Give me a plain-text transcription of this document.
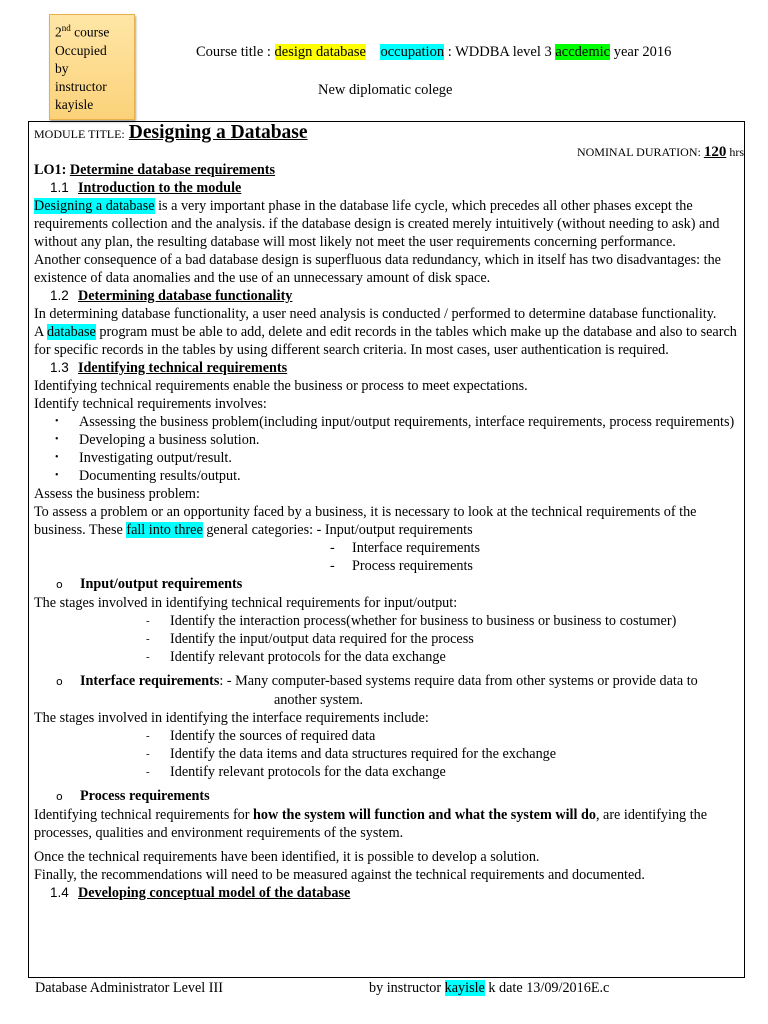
2nd course
Occupied
by
instructor
kayisle
Course title : design database occupation : WDDBA level 3 accdemic year 2016
New diplomatic colege

MODULE TITLE: Designing a Database

NOMINAL DURATION: 120 hrs

LO1: Determine database requirements

1.1 Introduction to the module

Designing a database is a very important phase in the database life cycle, which precedes all other phases except the requirements collection and the analysis. if the database design is created merely intuitively (without needing to ask) and without any plan, the resulting database will most likely not meet the user requirements concerning performance.

Another consequence of a bad database design is superfluous data redundancy, which in itself has two disadvantages: the existence of data anomalies and the use of an unnecessary amount of disk space.

1.2 Determining database functionality

In determining database functionality, a user need analysis is conducted / performed to determine database functionality.

A database program must be able to add, delete and edit records in the tables which make up the database and also to search for specific records in the tables by using different search criteria. In most cases, user authentication is required.

1.3 Identifying technical requirements

Identifying technical requirements enable the business or process to meet expectations.

Identify technical requirements involves:

• Assessing the business problem(including input/output requirements, interface requirements, process requirements)
• Developing a business solution.
• Investigating output/result.
• Documenting results/output.

Assess the business problem:

To assess a problem or an opportunity faced by a business, it is necessary to look at the technical requirements of the business. These fall into three general categories: - Input/output requirements

- Interface requirements

- Process requirements

o Input/output requirements

The stages involved in identifying technical requirements for input/output:

- Identify the interaction process(whether for business to business or business to costumer)
- Identify the input/output data required for the process
- Identify relevant protocols for the data exchange

o Interface requirements: - Many computer-based systems require data from other systems or provide data to

another system.

The stages involved in identifying the interface requirements include:

- Identify the sources of required data
- Identify the data items and data structures required for the exchange
- Identify relevant protocols for the data exchange

o Process requirements

Identifying technical requirements for how the system will function and what the system will do, are identifying the processes, qualities and environment requirements of the system.

Once the technical requirements have been identified, it is possible to develop a solution.

Finally, the recommendations will need to be measured against the technical requirements and documented.

1.4 Developing conceptual model of the database

Database Administrator Level III	by instructor kayisle k date 13/09/2016E.c
